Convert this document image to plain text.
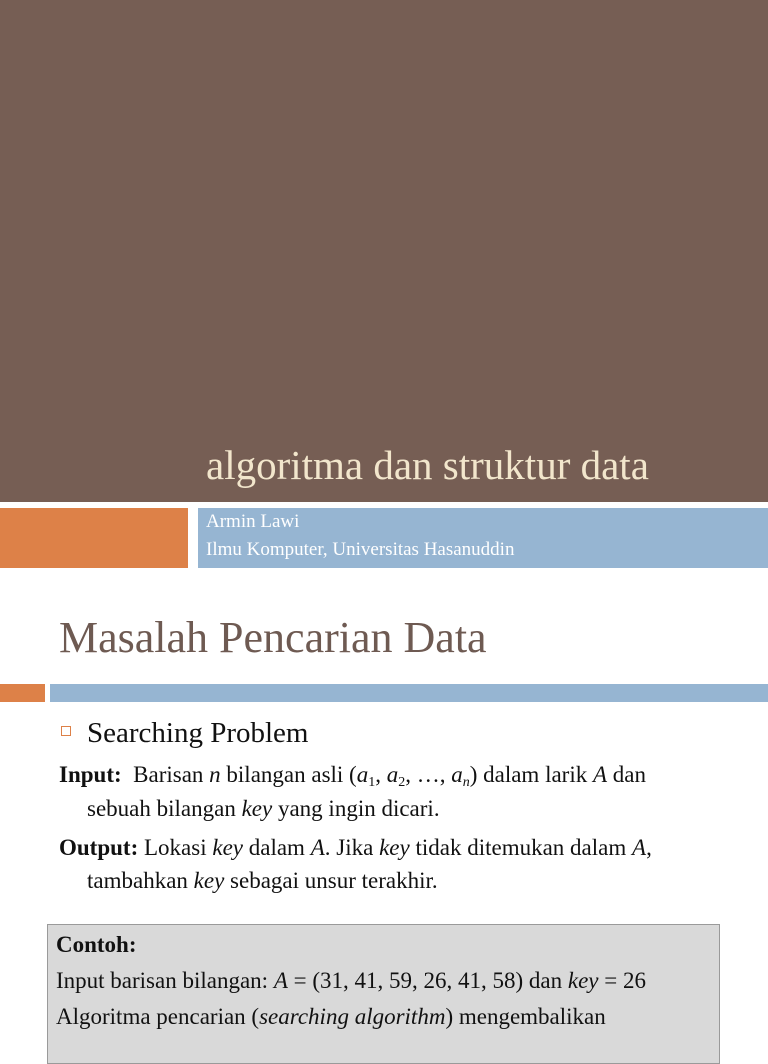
algoritma dan struktur data
Armin Lawi
Ilmu Komputer, Universitas Hasanuddin
Masalah Pencarian Data
Searching Problem
Input: Barisan n bilangan asli ($a_1$, $a_2$, …, $a_n$) dalam larik A dan
sebuah bilangan key yang ingin dicari.
Output: Lokasi key dalam A. Jika key tidak ditemukan dalam A,
tambahkan key sebagai unsur terakhir.
Contoh:
Input barisan bilangan: A = (31, 41, 59, 26, 41, 58) dan key = 26
Algoritma pencarian (searching algorithm) mengembalikan
